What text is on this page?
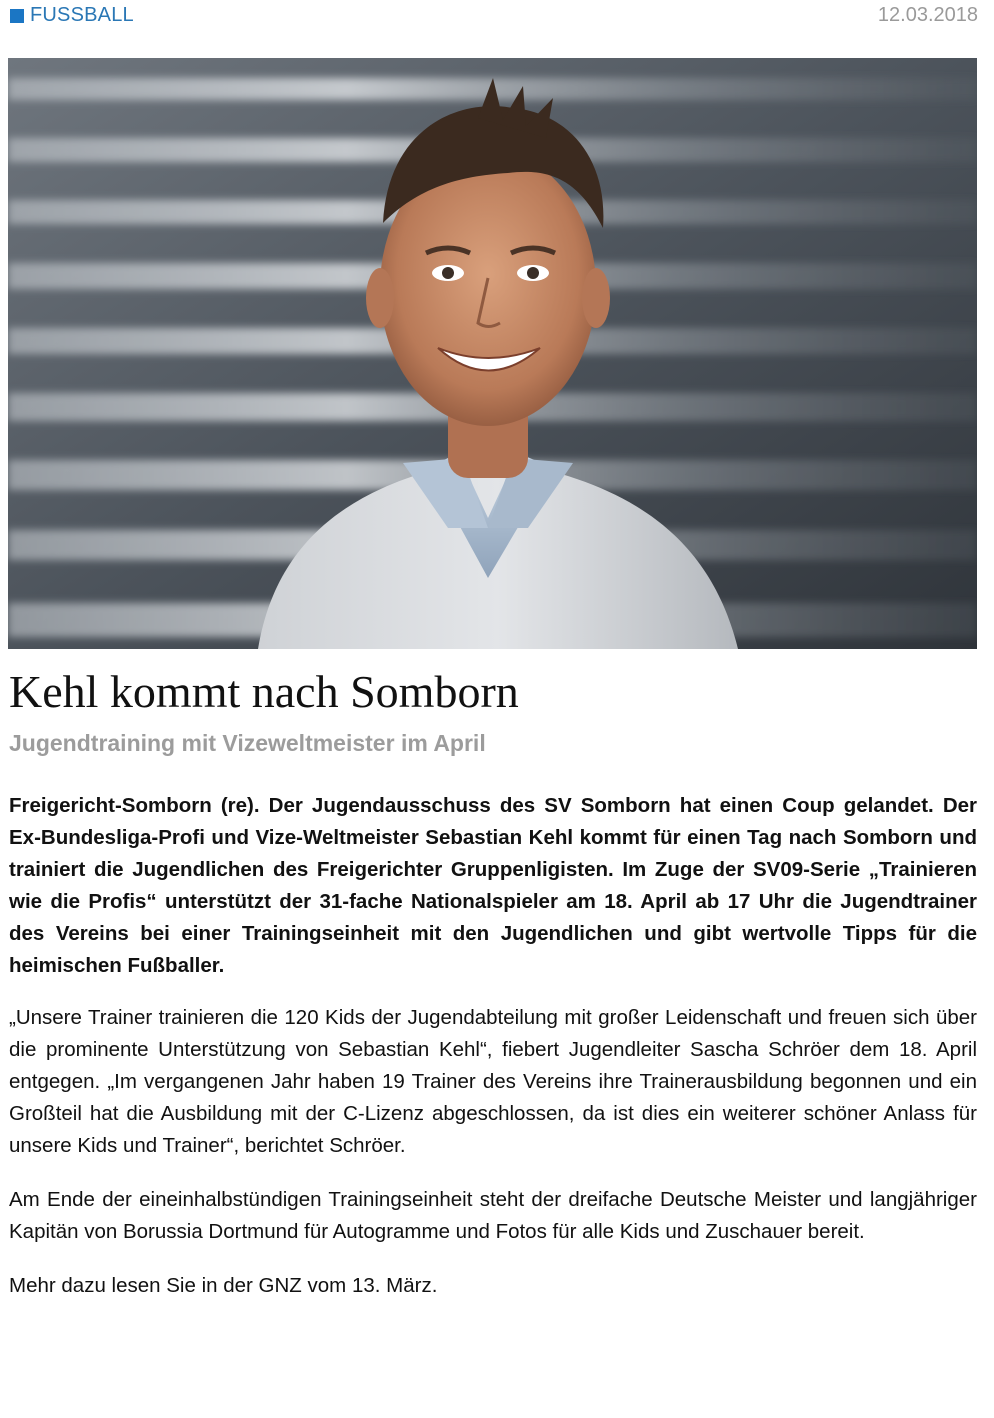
FUSSBALL	12.03.2018
Kehl kommt nach Somborn
Jugendtraining mit Vizeweltmeister im April

Freigericht-Somborn (re). Der Jugendausschuss des SV Somborn hat einen Coup gelandet. Der Ex-Bundesliga-Profi und Vize-Weltmeister Sebastian Kehl kommt für einen Tag nach Somborn und trainiert die Jugendlichen des Freigerichter Gruppenligisten. Im Zuge der SV09-Serie „Trainieren wie die Profis“ unterstützt der 31-fache Nationalspieler am 18. April ab 17 Uhr die Jugendtrainer des Vereins bei einer Trainingseinheit mit den Jugendlichen und gibt wertvolle Tipps für die heimischen Fußballer.

„Unsere Trainer trainieren die 120 Kids der Jugendabteilung mit großer Leidenschaft und freuen sich über die prominente Unterstützung von Sebastian Kehl“, fiebert Jugendleiter Sascha Schröer dem 18. April entgegen. „Im vergangenen Jahr haben 19 Trainer des Vereins ihre Trainerausbildung begonnen und ein Großteil hat die Ausbildung mit der C-Lizenz abgeschlossen, da ist dies ein weiterer schöner Anlass für unsere Kids und Trainer“, berichtet Schröer.

Am Ende der eineinhalbstündigen Trainingseinheit steht der dreifache Deutsche Meister und langjähriger Kapitän von Borussia Dortmund für Autogramme und Fotos für alle Kids und Zuschauer bereit.

Mehr dazu lesen Sie in der GNZ vom 13. März.
